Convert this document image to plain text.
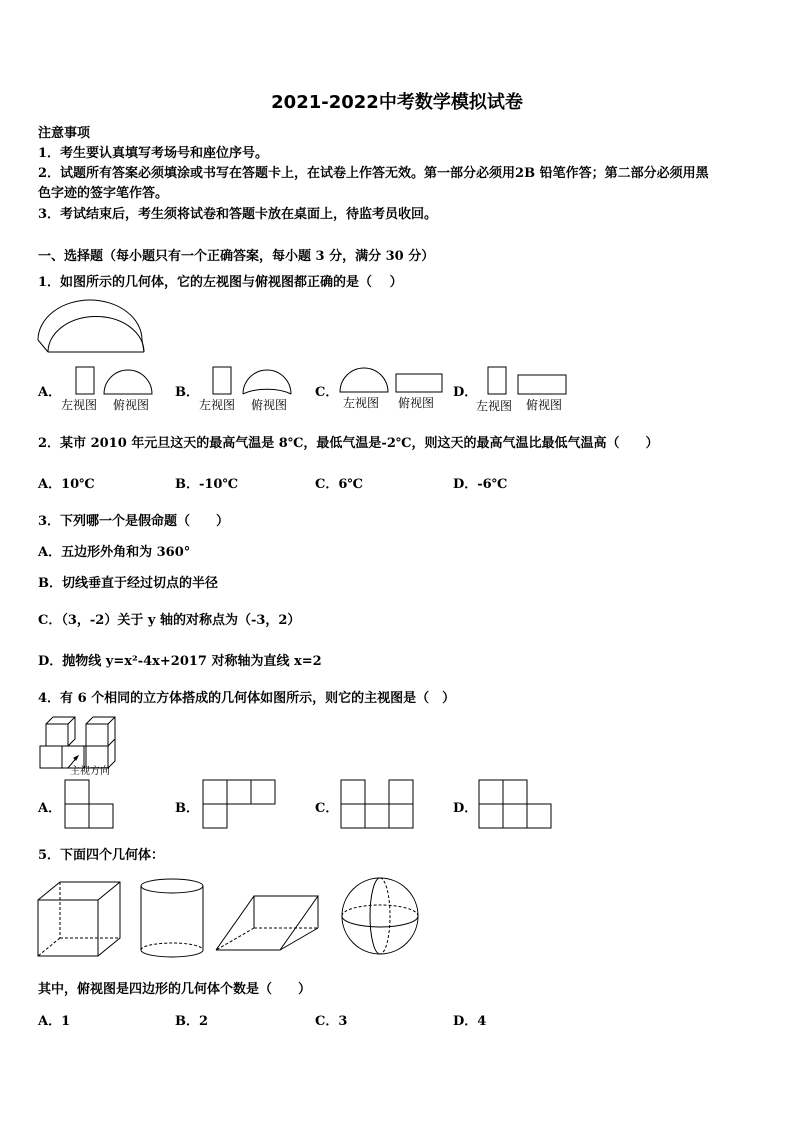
2021-2022中考数学模拟试卷
注意事项
1．考生要认真填写考场号和座位序号。
2．试题所有答案必须填涂或书写在答题卡上，在试卷上作答无效。第一部分必须用2B 铅笔作答；第二部分必须用黑
色字迹的签字笔作答。
3．考试结束后，考生须将试卷和答题卡放在桌面上，待监考员收回。
一、选择题（每小题只有一个正确答案，每小题 3 分，满分 30 分）
1．如图所示的几何体，它的左视图与俯视图都正确的是（　 ）
A．
左视图 俯视图
B．
左视图 俯视图
C．
左视图 俯视图
D．
左视图 俯视图
2．某市 2010 年元旦这天的最高气温是 8℃，最低气温是-2℃，则这天的最高气温比最低气温高（　　）
A．10℃	B．-10℃	C．6℃	D．-6℃
3．下列哪一个是假命题（　　）
A．五边形外角和为 360°
B．切线垂直于经过切点的半径
C．（3，-2）关于 y 轴的对称点为（-3，2）
D．抛物线 y=x²-4x+2017 对称轴为直线 x=2
4．有 6 个相同的立方体搭成的几何体如图所示，则它的主视图是（　）
主视方向
A．	B．	C．	D．
5．下面四个几何体：
其中，俯视图是四边形的几何体个数是（　　）
A．1	B．2	C．3	D．4
